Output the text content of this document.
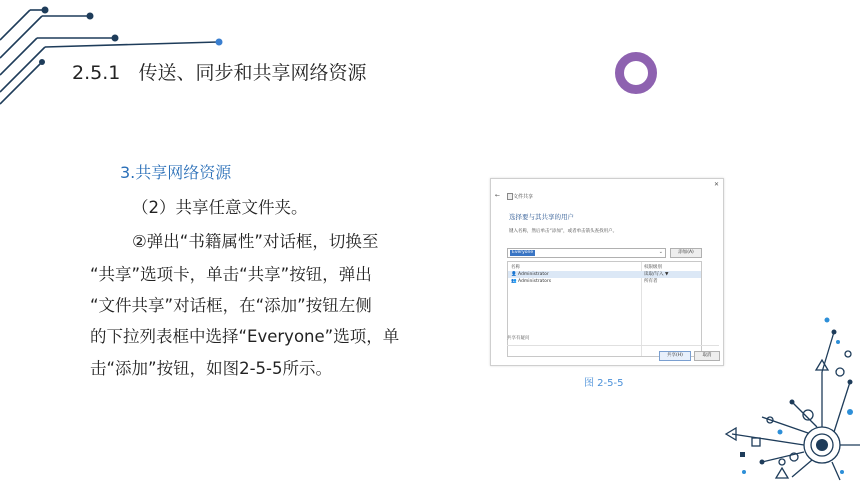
2.5.1 传送、同步和共享网络资源
3.共享网络资源
（2）共享任意文件夹。
②弹出“书籍属性”对话框，切换至
“共享”选项卡，单击“共享”按钮，弹出
“文件共享”对话框，在“添加”按钮左侧
的下拉列表框中选择“Everyone”选项，单
击“添加”按钮，如图2-5-5所示。
✕
←	文件共享
选择要与其共享的用户
键入名称，然后单击“添加”，或者单击箭头查找用户。
Everyone	⌄	添加(A)
名称	权限级别
👤 Administrator	读取/写入 ▼
👥 Administrators	所有者
共享有疑问
共享(H)	取消
图 2-5-5
